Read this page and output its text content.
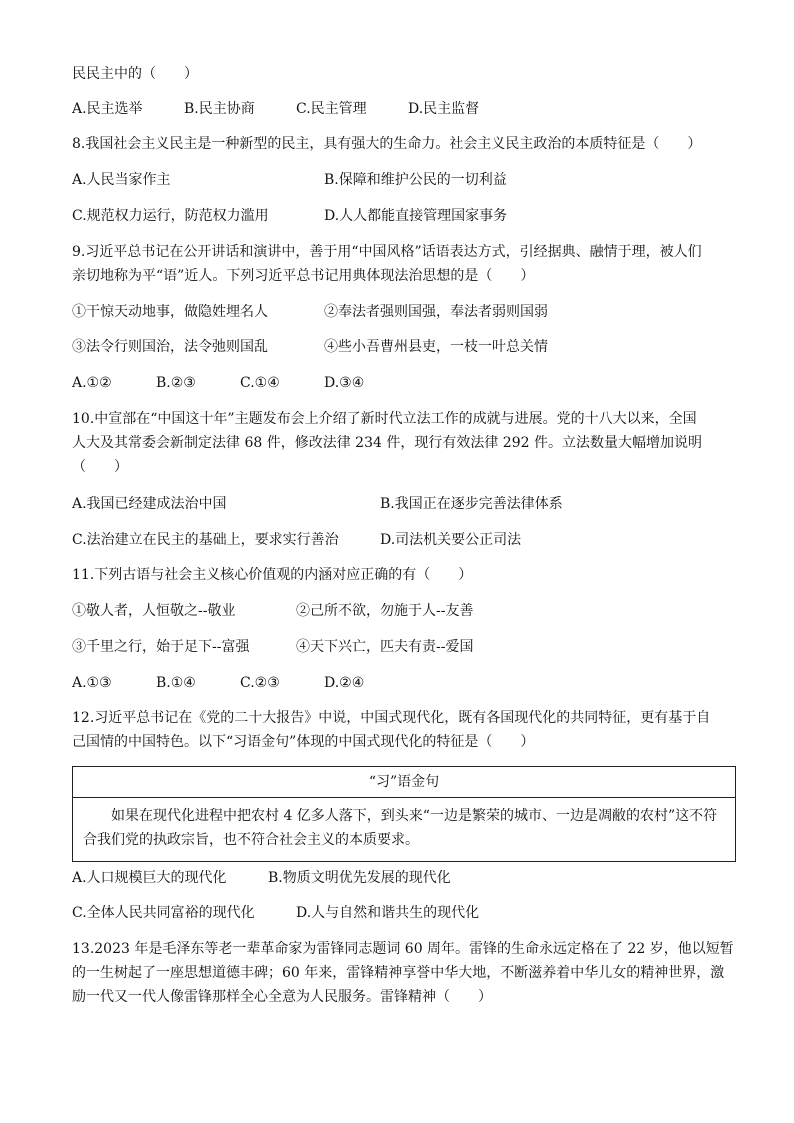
民民主中的（　　）
A.民主选举	B.民主协商	C.民主管理	D.民主监督
8.我国社会主义民主是一种新型的民主，具有强大的生命力。社会主义民主政治的本质特征是（　　）
A.人民当家作主	B.保障和维护公民的一切利益
C.规范权力运行，防范权力滥用	D.人人都能直接管理国家事务
9.习近平总书记在公开讲话和演讲中，善于用“中国风格”话语表达方式，引经据典、融情于理，被人们
亲切地称为平“语”近人。下列习近平总书记用典体现法治思想的是（　　）
①干惊天动地事，做隐姓埋名人	②奉法者强则国强，奉法者弱则国弱
③法令行则国治，法令弛则国乱	④些小吾曹州县吏，一枝一叶总关情
A.①②	B.②③	C.①④	D.③④
10.中宣部在“中国这十年”主题发布会上介绍了新时代立法工作的成就与进展。党的十八大以来，全国
人大及其常委会新制定法律 68 件，修改法律 234 件，现行有效法律 292 件。立法数量大幅增加说明
（　　）
A.我国已经建成法治中国	B.我国正在逐步完善法律体系
C.法治建立在民主的基础上，要求实行善治	D.司法机关要公正司法
11.下列古语与社会主义核心价值观的内涵对应正确的有（　　）
①敬人者，人恒敬之--敬业	②己所不欲，勿施于人--友善
③千里之行，始于足下--富强	④天下兴亡，匹夫有责--爱国
A.①③	B.①④	C.②③	D.②④
12.习近平总书记在《党的二十大报告》中说，中国式现代化，既有各国现代化的共同特征，更有基于自
己国情的中国特色。以下“习语金句”体现的中国式现代化的特征是（　　）
“习”语金句
如果在现代化进程中把农村 4 亿多人落下，到头来“一边是繁荣的城市、一边是凋敝的农村”这不符
合我们党的执政宗旨，也不符合社会主义的本质要求。
A.人口规模巨大的现代化	B.物质文明优先发展的现代化
C.全体人民共同富裕的现代化	D.人与自然和谐共生的现代化
13.2023 年是毛泽东等老一辈革命家为雷锋同志题词 60 周年。雷锋的生命永远定格在了 22 岁，他以短暂
的一生树起了一座思想道德丰碑；60 年来，雷锋精神享誉中华大地，不断滋养着中华儿女的精神世界，激
励一代又一代人像雷锋那样全心全意为人民服务。雷锋精神（　　）
